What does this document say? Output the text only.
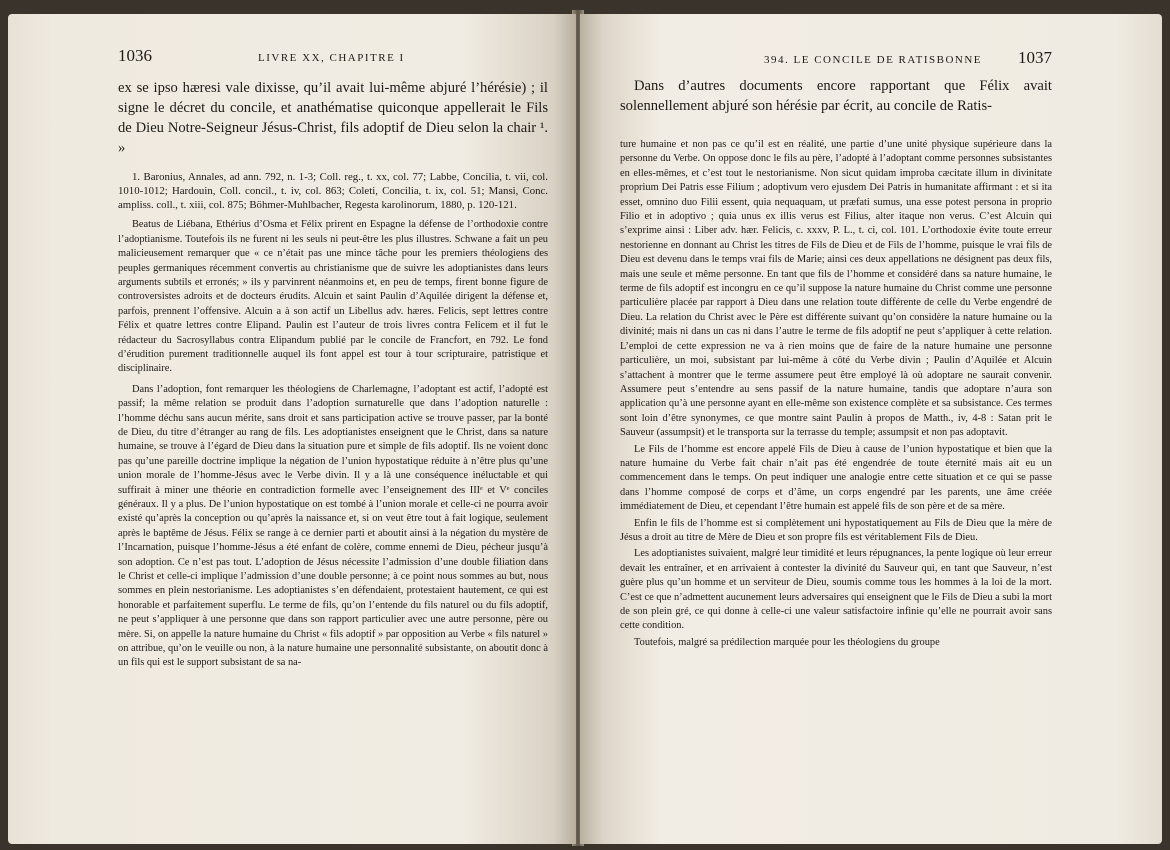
1036	LIVRE XX, CHAPITRE I

ex se ipso hæresi vale dixisse, qu’il avait lui-même abjuré l’hérésie) ; il signe le décret du concile, et anathématise quiconque appellerait le Fils de Dieu Notre-Seigneur Jésus-Christ, fils adoptif de Dieu selon la chair ¹. »

1. Baronius, Annales, ad ann. 792, n. 1-3; Coll. reg., t. xx, col. 77; Labbe, Concilia, t. vii, col. 1010-1012; Hardouin, Coll. concil., t. iv, col. 863; Coleti, Concilia, t. ix, col. 51; Mansi, Conc. ampliss. coll., t. xiii, col. 875; Böhmer-Muhlbacher, Regesta karolinorum, 1880, p. 120-121.

Beatus de Liébana, Ethérius d’Osma et Félix prirent en Espagne la défense de l’orthodoxie contre l’adoptianisme. Toutefois ils ne furent ni les seuls ni peut-être les plus illustres. Schwane a fait un peu malicieusement remarquer que « ce n’était pas une mince tâche pour les premiers théologiens des peuples germaniques récemment convertis au christianisme que de suivre les adoptianistes dans leurs arguments subtils et erronés; » ils y parvinrent néanmoins et, en peu de temps, firent bonne figure de controversistes adroits et de docteurs érudits. Alcuin et saint Paulin d’Aquilée dirigent la défense et, parfois, prennent l’offensive. Alcuin a à son actif un Libellus adv. hæres. Felicis, sept lettres contre Félix et quatre lettres contre Elipand. Paulin est l’auteur de trois livres contra Felicem et il fut le rédacteur du Sacrosyllabus contra Elipandum publié par le concile de Francfort, en 792. Le fond d’érudition purement traditionnelle auquel ils font appel est tour à tour scripturaire, patristique et disciplinaire.

Dans l’adoption, font remarquer les théologiens de Charlemagne, l’adoptant est actif, l’adopté est passif; la même relation se produit dans l’adoption surnaturelle que dans l’adoption naturelle : l’homme déchu sans aucun mérite, sans droit et sans participation active se trouve passer, par la bonté de Dieu, du titre d’étranger au rang de fils. Les adoptianistes enseignent que le Christ, dans sa nature humaine, se trouve à l’égard de Dieu dans la situation pure et simple de fils adoptif. Ils ne voient donc pas qu’une pareille doctrine implique la négation de l’union hypostatique réduite à n’être plus qu’une union morale de l’homme-Jésus avec le Verbe divin. Il y a là une conséquence inéluctable et qui suffirait à miner une théorie en contradiction formelle avec l’enseignement des IIIᵉ et Vᵉ conciles généraux. Il y a plus. De l’union hypostatique on est tombé à l’union morale et celle-ci ne pourra avoir existé qu’après la conception ou qu’après la naissance et, si on veut être tout à fait logique, seulement après le baptême de Jésus. Félix se range à ce dernier parti et aboutit ainsi à la négation du mystère de l’Incarnation, puisque l’homme-Jésus a été enfant de colère, comme ennemi de Dieu, pécheur jusqu’à son adoption. Ce n’est pas tout. L’adoption de Jésus nécessite l’admission d’une double filiation dans le Christ et celle-ci implique l’admission d’une double personne; à ce point nous sommes au but, nous sommes en plein nestorianisme. Les adoptianistes s’en défendaient, protestaient hautement, ce qui est honorable et parfaitement superflu. Le terme de fils, qu’on l’entende du fils naturel ou du fils adoptif, ne peut s’appliquer à une personne que dans son rapport particulier avec une autre personne, père ou mère. Si, on appelle la nature humaine du Christ « fils adoptif » par opposition au Verbe « fils naturel » on attribue, qu’on le veuille ou non, à la nature humaine une personnalité subsistante, on aboutit donc à un fils qui est le support subsistant de sa na-

394. LE CONCILE DE RATISBONNE 1037

Dans d’autres documents encore rapportant que Félix avait solennellement abjuré son hérésie par écrit, au concile de Ratis-

ture humaine et non pas ce qu’il est en réalité, une partie d’une unité physique supérieure dans la personne du Verbe. On oppose donc le fils au père, l’adopté à l’adoptant comme personnes subsistantes en elles-mêmes, et c’est tout le nestorianisme. Non sicut quidam improba cæcitate illum in divinitate proprium Dei Patris esse Filium ; adoptivum vero ejusdem Dei Patris in humanitate affirmant : et si ita esset, omnino duo Filii essent, quia nequaquam, ut præfati sumus, una esse potest persona in proprio Filio et in adoptivo ; quia unus ex illis verus est Filius, alter itaque non verus. C’est Alcuin qui s’exprime ainsi : Liber adv. hær. Felicis, c. xxxv, P. L., t. ci, col. 101. L’orthodoxie évite toute erreur nestorienne en donnant au Christ les titres de Fils de Dieu et de Fils de l’homme, puisque le vrai fils de Dieu est devenu dans le temps vrai fils de Marie; ainsi ces deux appellations ne désignent pas deux fils, mais une seule et même personne. En tant que fils de l’homme et considéré dans sa nature humaine, le terme de fils adoptif est incongru en ce qu’il suppose la nature humaine du Christ comme une personne particulière placée par rapport à Dieu dans une relation toute différente de celle du Verbe engendré de Dieu. La relation du Christ avec le Père est différente suivant qu’on considère la nature humaine ou la divinité; mais ni dans un cas ni dans l’autre le terme de fils adoptif ne peut s’appliquer à cette relation. L’emploi de cette expression ne va à rien moins que de faire de la nature humaine une personne particulière, un moi, subsistant par lui-même à côté du Verbe divin ; Paulin d’Aquilée et Alcuin s’attachent à montrer que le terme assumere peut être employé là où adoptare ne saurait convenir. Assumere peut s’entendre au sens passif de la nature humaine, tandis que adoptare n’aura son application qu’à une personne ayant en elle-même son existence complète et sa subsistance. Ces termes sont loin d’être synonymes, ce que montre saint Paulin à propos de Matth., iv, 4-8 : Satan prit le Sauveur (assumpsit) et le transporta sur la terrasse du temple; assumpsit et non pas adoptavit.

Le Fils de l’homme est encore appelé Fils de Dieu à cause de l’union hypostatique et bien que la nature humaine du Verbe fait chair n’ait pas été engendrée de toute éternité mais ait eu un commencement dans le temps. On peut indiquer une analogie entre cette situation et ce qui se passe dans l’homme composé de corps et d’âme, un corps engendré par les parents, une âme créée immédiatement de Dieu, et cependant l’être humain est appelé fils de son père et de sa mère.

Enfin le fils de l’homme est si complètement uni hypostatiquement au Fils de Dieu que la mère de Jésus a droit au titre de Mère de Dieu et son propre fils est véritablement Fils de Dieu.

Les adoptianistes suivaient, malgré leur timidité et leurs répugnances, la pente logique où leur erreur devait les entraîner, et en arrivaient à contester la divinité du Sauveur qui, en tant que Sauveur, n’est guère plus qu’un homme et un serviteur de Dieu, soumis comme tous les hommes à la loi de la mort. C’est ce que n’admettent aucunement leurs adversaires qui enseignent que le Fils de Dieu a subi la mort de son plein gré, ce qui donne à celle-ci une valeur satisfactoire infinie qu’elle ne pourrait avoir sans cette condition.

Toutefois, malgré sa prédilection marquée pour les théologiens du groupe
